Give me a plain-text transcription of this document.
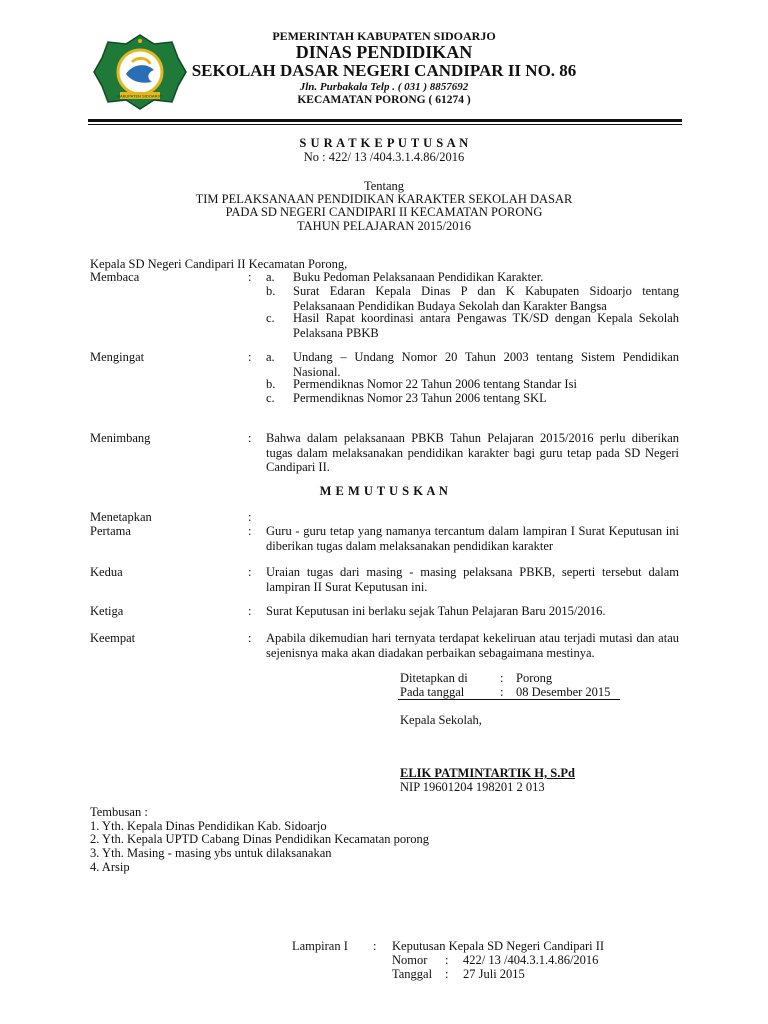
KABUPATEN SIDOARJO
PEMERINTAH KABUPATEN SIDOARJO
DINAS PENDIDIKAN
SEKOLAH DASAR NEGERI CANDIPAR II NO. 86
Jln. Purbakala Telp . ( 031 ) 8857692
KECAMATAN PORONG ( 61274 )
S U R A T K E P U T U S A N
No : 422/ 13 /404.3.1.4.86/2016
Tentang
TIM PELAKSANAAN PENDIDIKAN KARAKTER SEKOLAH DASAR
PADA SD NEGERI CANDIPARI II KECAMATAN PORONG
TAHUN PELAJARAN 2015/2016
Kepala SD Negeri Candipari II Kecamatan Porong,
Membaca	: a. Buku Pedoman Pelaksanaan Pendidikan Karakter.
b. Surat Edaran Kepala Dinas P dan K Kabupaten Sidoarjo tentang Pelaksanaan Pendidikan Budaya Sekolah dan Karakter Bangsa
c. Hasil Rapat koordinasi antara Pengawas TK/SD dengan Kepala Sekolah Pelaksana PBKB
Mengingat	: a. Undang – Undang Nomor 20 Tahun 2003 tentang Sistem Pendidikan Nasional.
b. Permendiknas Nomor 22 Tahun 2006 tentang Standar Isi
c. Permendiknas Nomor 23 Tahun 2006 tentang SKL
Menimbang	: Bahwa dalam pelaksanaan PBKB Tahun Pelajaran 2015/2016 perlu diberikan tugas dalam melaksanakan pendidikan karakter bagi guru tetap pada SD Negeri Candipari II.
M E M U T U S K A N
Menetapkan	:
Pertama	: Guru - guru tetap yang namanya tercantum dalam lampiran I Surat Keputusan ini diberikan tugas dalam melaksanakan pendidikan karakter
Kedua	: Uraian tugas dari masing - masing pelaksana PBKB, seperti tersebut dalam lampiran II Surat Keputusan ini.
Ketiga	: Surat Keputusan ini berlaku sejak Tahun Pelajaran Baru 2015/2016.
Keempat	: Apabila dikemudian hari ternyata terdapat kekeliruan atau terjadi mutasi dan atau sejenisnya maka akan diadakan perbaikan sebagaimana mestinya.
Ditetapkan di	: Porong
Pada tanggal	: 08 Desember 2015
Kepala Sekolah,
ELIK PATMINTARTIK H, S.Pd
NIP 19601204 198201 2 013
Tembusan :
1. Yth. Kepala Dinas Pendidikan Kab. Sidoarjo
2. Yth. Kepala UPTD Cabang Dinas Pendidikan Kecamatan porong
3. Yth. Masing - masing ybs untuk dilaksanakan
4. Arsip
Lampiran I : Keputusan Kepala SD Negeri Candipari II
Nomor : 422/ 13 /404.3.1.4.86/2016
Tanggal : 27 Juli 2015
